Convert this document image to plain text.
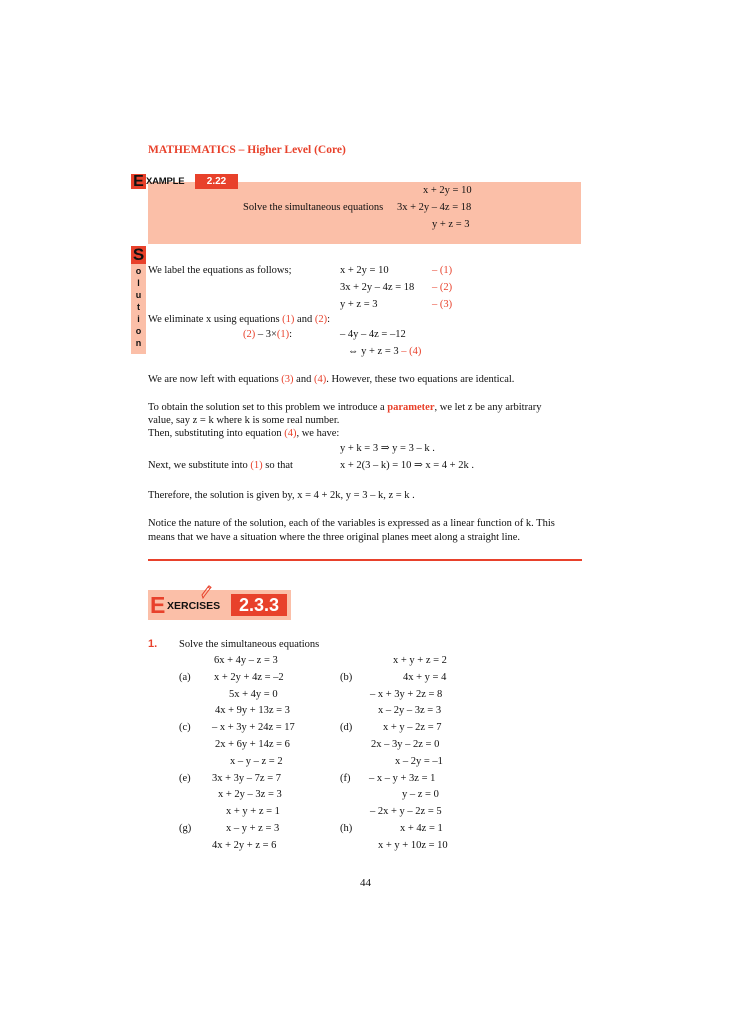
MATHEMATICS – Higher Level (Core)
E XAMPLE	2.22
x + 2y = 10
Solve the simultaneous equations 3x + 2y – 4z = 18
y + z = 3
S
o
l
u
t
i
o
n
We label the equations as follows;	x + 2y = 10	– (1)
3x + 2y – 4z = 18 – (2)
y + z = 3	– (3)
We eliminate x using equations (1) and (2):
(2) – 3×(1):	– 4y – 4z = –12
⇔ y + z = 3 – (4)
We are now left with equations (3) and (4). However, these two equations are identical.
To obtain the solution set to this problem we introduce a parameter, we let z be any arbitrary
value, say z = k where k is some real number.
Then, substituting into equation (4), we have:
y + k = 3 ⇒ y = 3 – k .
Next, we substitute into (1) so that	x + 2(3 – k) = 10 ⇒ x = 4 + 2k .
Therefore, the solution is given by, x = 4 + 2k, y = 3 – k, z = k .
Notice the nature of the solution, each of the variables is expressed as a linear function of k. This
means that we have a situation where the three original planes meet along a straight line.
E XERCISES	2.3.3
1. Solve the simultaneous equations
6x + 4y – z = 3
(a) x + 2y + 4z = –2
5x + 4y = 0
x + y + z = 2
(b)	4x + y = 4
– x + 3y + 2z = 8
4x + 9y + 13z = 3
(c) – x + 3y + 24z = 17
2x + 6y + 14z = 6
x – 2y – 3z = 3
(d)	x + y – 2z = 7
2x – 3y – 2z = 0
x – y – z = 2
(e) 3x + 3y – 7z = 7
x + 2y – 3z = 3
x – 2y = –1
(f) – x – y + 3z = 1
y – z = 0
x + y + z = 1
(g)	x – y + z = 3
4x + 2y + z = 6
– 2x + y – 2z = 5
(h)	x + 4z = 1
x + y + 10z = 10
44
